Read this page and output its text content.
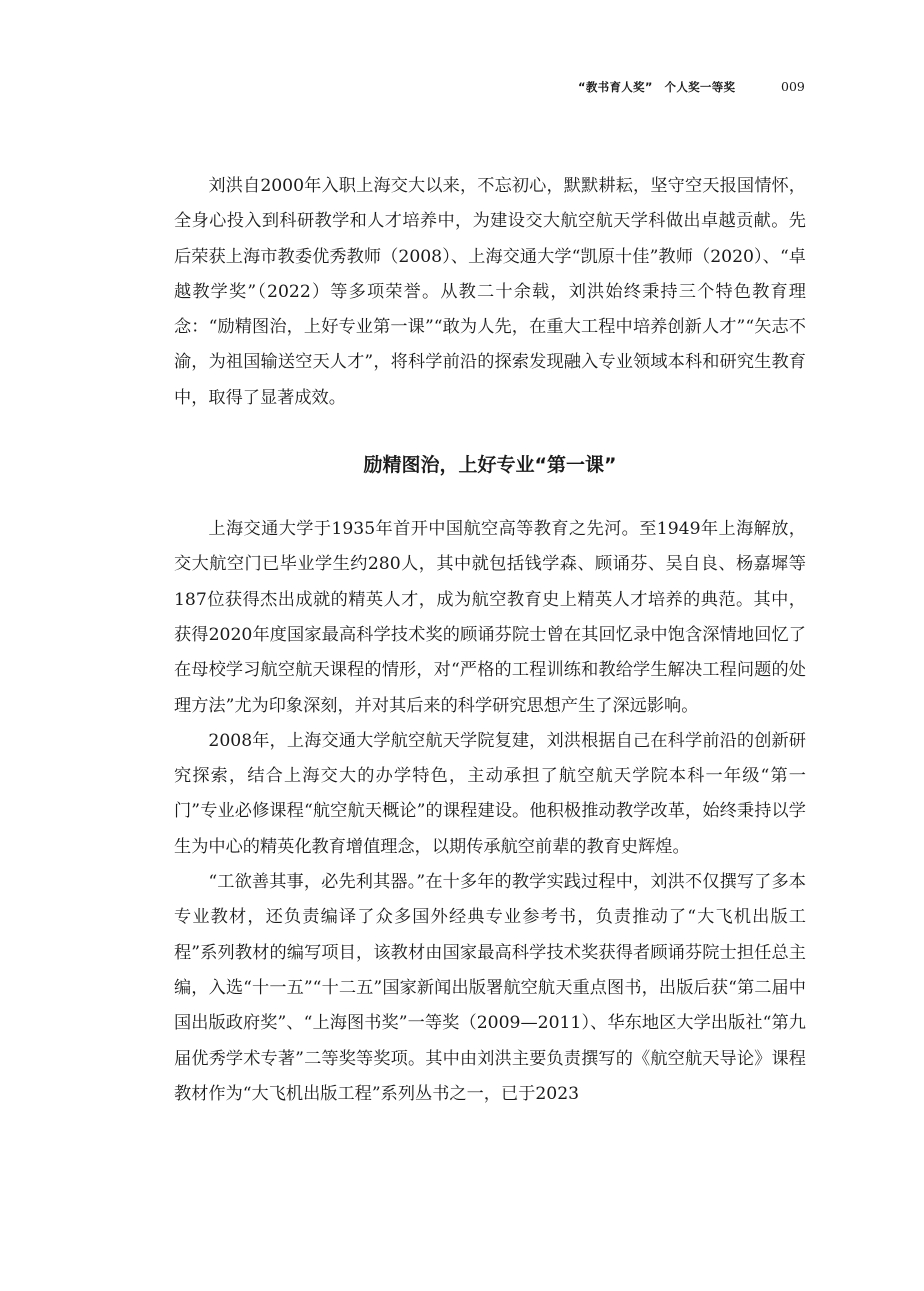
“教书育人奖”　个人奖一等奖	009

刘洪自2000年入职上海交大以来，不忘初心，默默耕耘，坚守空天报国情怀，全身心投入到科研教学和人才培养中，为建设交大航空航天学科做出卓越贡献。先后荣获上海市教委优秀教师（2008）、上海交通大学“凯原十佳”教师（2020）、“卓越教学奖”（2022）等多项荣誉。从教二十余载，刘洪始终秉持三个特色教育理念：“励精图治，上好专业第一课”“敢为人先，在重大工程中培养创新人才”“矢志不渝，为祖国输送空天人才”，将科学前沿的探索发现融入专业领域本科和研究生教育中，取得了显著成效。

励精图治，上好专业“第一课”

上海交通大学于1935年首开中国航空高等教育之先河。至1949年上海解放，交大航空门已毕业学生约280人，其中就包括钱学森、顾诵芬、吴自良、杨嘉墀等187位获得杰出成就的精英人才，成为航空教育史上精英人才培养的典范。其中，获得2020年度国家最高科学技术奖的顾诵芬院士曾在其回忆录中饱含深情地回忆了在母校学习航空航天课程的情形，对“严格的工程训练和教给学生解决工程问题的处理方法”尤为印象深刻，并对其后来的科学研究思想产生了深远影响。

2008年，上海交通大学航空航天学院复建，刘洪根据自己在科学前沿的创新研究探索，结合上海交大的办学特色，主动承担了航空航天学院本科一年级“第一门”专业必修课程“航空航天概论”的课程建设。他积极推动教学改革，始终秉持以学生为中心的精英化教育增值理念，以期传承航空前辈的教育史辉煌。

“工欲善其事，必先利其器。”在十多年的教学实践过程中，刘洪不仅撰写了多本专业教材，还负责编译了众多国外经典专业参考书，负责推动了“大飞机出版工程”系列教材的编写项目，该教材由国家最高科学技术奖获得者顾诵芬院士担任总主编，入选“十一五”“十二五”国家新闻出版署航空航天重点图书，出版后获“第二届中国出版政府奖”、“上海图书奖”一等奖（2009—2011）、华东地区大学出版社“第九届优秀学术专著”二等奖等奖项。其中由刘洪主要负责撰写的《航空航天导论》课程教材作为“大飞机出版工程”系列丛书之一，已于2023
